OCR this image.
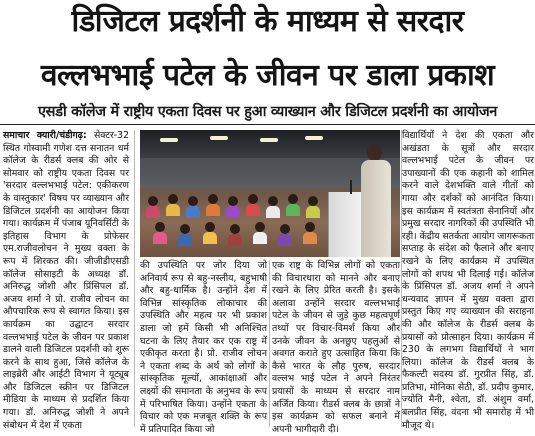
डिजिटल प्रदर्शनी के माध्यम से सरदार
वल्लभभाई पटेल के जीवन पर डाला प्रकाश
एसडी कॉलेज में राष्ट्रीय एकता दिवस पर हुआ व्याख्यान और डिजिटल प्रदर्शनी का आयोजन

समाचार क्यारी/चंडीगढ़: सेक्टर-32 स्थित गोस्वामी गणेश दत्त सनातन धर्म कॉलेज के रीडर्स क्लब की ओर से सोमवार को राष्ट्रीय एकता दिवस पर 'सरदार वल्लभभाई पटेल: एकीकरण के वास्तुकार' विषय पर व्याख्यान और डिजिटल प्रदर्शनी का आयोजन किया गया। कार्यक्रम में पंजाब यूनिवर्सिटी के इतिहास विभाग के प्रोफेसर एम.राजीवलोचन ने मुख्य वक्ता के रूप में शिरकत की। जीजीडीएसडी कॉलेज सोसाइटी के अध्यक्ष डॉ. अनिरुद्ध जोशी और प्रिंसिपल डॉ. अजय शर्मा ने प्रो. राजीव लोचन का औपचारिक रूप से स्वागत किया। इस कार्यक्रम का उद्घाटन सरदार वल्लभभाई पटेल के जीवन पर प्रकाश डालने वाली डिजिटल प्रदर्शनी को शुरू करने के साथ हुआ, जिसे कॉलेज के लाइब्रेरी और आईटी विभाग ने यूट्यूब और डिजिटल स्क्रीन पर डिजिटल मीडिया के माध्यम से प्रदर्शित किया गया। डॉ. अनिरुद्ध जोशी ने अपने संबोधन में देश में एकता

की उपस्थिति पर जोर दिया जो अनिवार्य रूप से बहु-नस्लीय, बहुभाषी और बहु-धार्मिक है। उन्होंने देश में विभिन्न सांस्कृतिक लोकाचार की उपस्थिति और महत्व पर भी प्रकाश डाला जो हमें किसी भी अनिश्चित घटना के लिए तैयार कर एक राष्ट्र में एकीकृत करता है। प्रो. राजीव लोचन ने एकता शब्द के अर्थ को लोगों के सांस्कृतिक मूल्यों, आकांक्षाओं और लक्ष्यों की समानता के अनुभव के रूप में परिभाषित किया। उन्होंने एकता के विचार को एक मजबूत शक्ति के रूप में प्रतिपादित किया जो

एक राष्ट्र के विभिन्न लोगों को एकता की विचारधारा को मानने और बनाए रखने के लिए प्रेरित करती है। इसके अलावा उन्होंने सरदार वल्लभभाई पटेल के जीवन से जुड़े कुछ महत्वपूर्ण तथ्यों पर विचार-विमर्श किया और उनके जीवन के अनछुए पहलुओं से अवगत कराते हुए उत्साहित किया कि कैसे भारत के लौह पुरुष, सरदार वल्लभ भाई पटेल ने अपने निरंतर प्रयासों के माध्यम से सरदार नाम अर्जित किया। रीडर्स क्लब के छात्रों ने इस कार्यक्रम को सफल बनाने में अपनी भागीदारी दी।

विद्यार्थियों ने देश की एकता और अखंडता के सूत्रों और सरदार वल्लभभाई पटेल के जीवन पर उपाख्यानों की एक कहानी को शामिल करने वाले देशभक्ति वाले गीतों को गाया और दर्शकों को आनंदित किया। इस कार्यक्रम में स्वतंत्रता सेनानियों और प्रमुख सरदार नागरिकों की उपस्थिति भी रही। केंद्रीय सतर्कता आयोग जागरूकता सप्ताह के संदेश को फैलाने और बनाए रखने के लिए कार्यक्रम में उपस्थित लोगों को शपथ भी दिलाई गई। कॉलेज के प्रिंसिपल डॉ. अजय शर्मा ने अपने धन्यवाद ज्ञापन में मुख्य वक्ता द्वारा प्रस्तुत किए गए व्याख्यान की सराहना की और कॉलेज के रीडर्स क्लब के प्रयासों को प्रोत्साहन दिया। कार्यक्रम में 230 के लगभग विद्यार्थियों ने भाग लिया। कॉलेज के रीडर्स क्लब के फैकल्टी सदस्य डॉ. गुरप्रीत सिंह, डॉ. प्रतिभा, मोनिका सेठी, डॉ. प्रदीप कुमार, ज्योति मैनी, श्वेता, डॉ. अंशुम वर्मा, बलप्रीत सिंह, वंदना भी समारोह में भी मौजूद थे।
